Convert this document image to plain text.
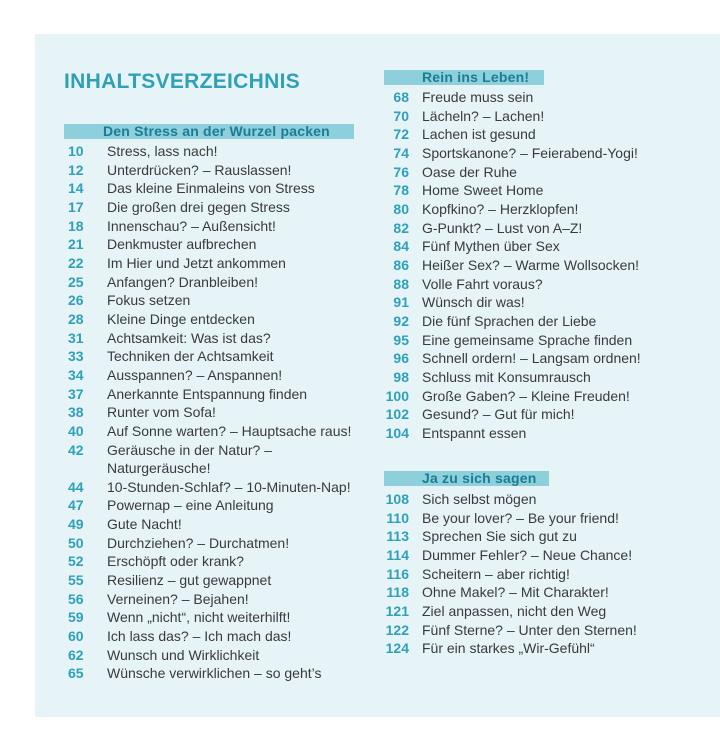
INHALTSVERZEICHNIS
Den Stress an der Wurzel packen
10 Stress, lass nach!
12 Unterdrücken? – Rauslassen!
14 Das kleine Einmaleins von Stress
17 Die großen drei gegen Stress
18 Innenschau? – Außensicht!
21 Denkmuster aufbrechen
22 Im Hier und Jetzt ankommen
25 Anfangen? Dranbleiben!
26 Fokus setzen
28 Kleine Dinge entdecken
31 Achtsamkeit: Was ist das?
33 Techniken der Achtsamkeit
34 Ausspannen? – Anspannen!
37 Anerkannte Entspannung finden
38 Runter vom Sofa!
40 Auf Sonne warten? – Hauptsache raus!
42 Geräusche in der Natur? –
Naturgeräusche!
44 10-Stunden-Schlaf? – 10-Minuten-Nap!
47 Powernap – eine Anleitung
49 Gute Nacht!
50 Durchziehen? – Durchatmen!
52 Erschöpft oder krank?
55 Resilienz – gut gewappnet
56 Verneinen? – Bejahen!
59 Wenn „nicht“, nicht weiterhilft!
60 Ich lass das? – Ich mach das!
62 Wunsch und Wirklichkeit
65 Wünsche verwirklichen – so geht’s
Rein ins Leben!
68 Freude muss sein
70 Lächeln? – Lachen!
72 Lachen ist gesund
74 Sportskanone? – Feierabend-Yogi!
76 Oase der Ruhe
78 Home Sweet Home
80 Kopfkino? – Herzklopfen!
82 G-Punkt? – Lust von A–Z!
84 Fünf Mythen über Sex
86 Heißer Sex? – Warme Wollsocken!
88 Volle Fahrt voraus?
91 Wünsch dir was!
92 Die fünf Sprachen der Liebe
95 Eine gemeinsame Sprache finden
96 Schnell ordern! – Langsam ordnen!
98 Schluss mit Konsumrausch
100 Große Gaben? – Kleine Freuden!
102 Gesund? – Gut für mich!
104 Entspannt essen
Ja zu sich sagen
108 Sich selbst mögen
110 Be your lover? – Be your friend!
113 Sprechen Sie sich gut zu
114 Dummer Fehler? – Neue Chance!
116 Scheitern – aber richtig!
118 Ohne Makel? – Mit Charakter!
121 Ziel anpassen, nicht den Weg
122 Fünf Sterne? – Unter den Sternen!
124 Für ein starkes „Wir-Gefühl“
